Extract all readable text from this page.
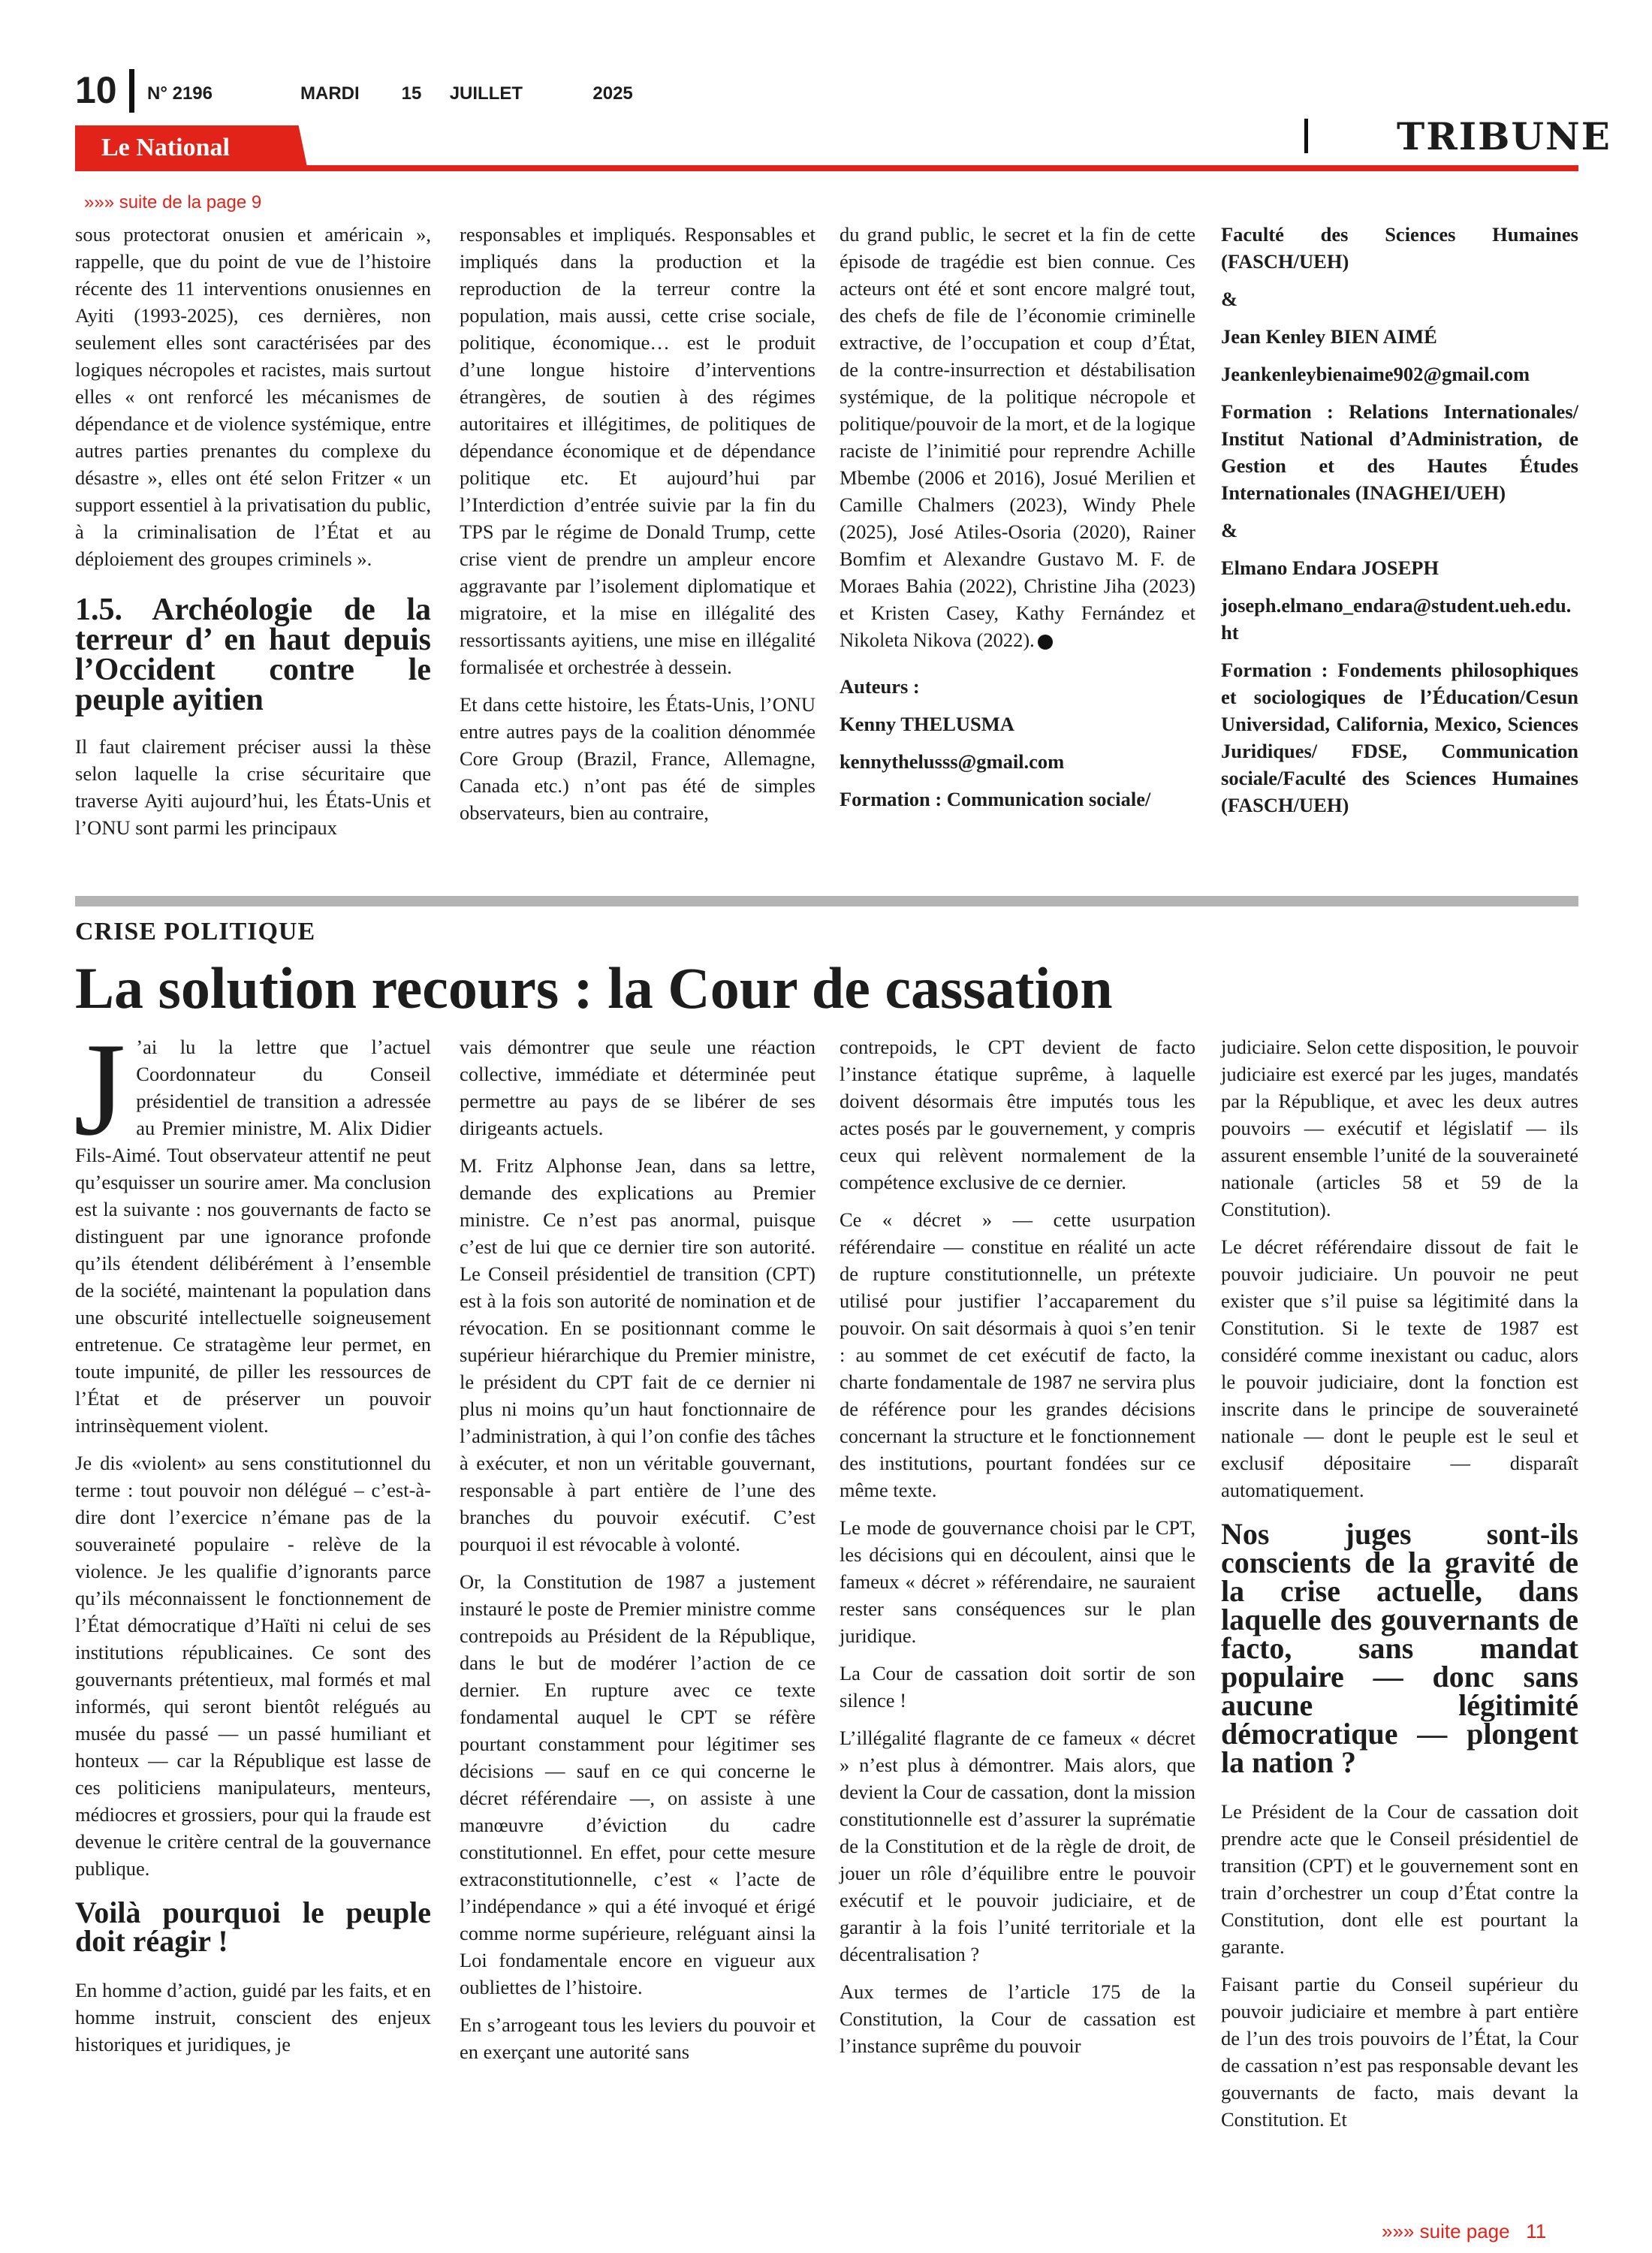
10 N° 2196	MARDI   15  JUILLET     2025
TRIBUNE
Le National
»»» suite de la page 9

sous protectorat onusien et américain », rappelle, que du point de vue de l’histoire récente des 11 interventions onusiennes en Ayiti (1993-2025), ces dernières, non seulement elles sont caractérisées par des logiques nécropoles et racistes, mais surtout elles « ont renforcé les mécanismes de dépendance et de violence systémique, entre autres parties prenantes du complexe du désastre », elles ont été selon Fritzer « un support essentiel à la privatisation du public, à la criminalisation de l’État et au déploiement des groupes criminels ».

1.5. Archéologie de la terreur d’ en haut depuis l’Occident contre le peuple ayitien

Il faut clairement préciser aussi la thèse selon laquelle la crise sécuritaire que traverse Ayiti aujourd’hui, les États-Unis et l’ONU sont parmi les principaux

responsables et impliqués. Responsables et impliqués dans la production et la reproduction de la terreur contre la population, mais aussi, cette crise sociale, politique, économique… est le produit d’une longue histoire d’interventions étrangères, de soutien à des régimes autoritaires et illégitimes, de politiques de dépendance économique et de dépendance politique etc. Et aujourd’hui par l’Interdiction d’entrée suivie par la fin du TPS par le régime de Donald Trump, cette crise vient de prendre un ampleur encore aggravante par l’isolement diplomatique et migratoire, et la mise en illégalité des ressortissants ayitiens, une mise en illégalité formalisée et orchestrée à dessein.

Et dans cette histoire, les États-Unis, l’ONU entre autres pays de la coalition dénommée Core Group (Brazil, France, Allemagne, Canada etc.) n’ont pas été de simples observateurs, bien au contraire,

du grand public, le secret et la fin de cette épisode de tragédie est bien connue. Ces acteurs ont été et sont encore malgré tout, des chefs de file de l’économie criminelle extractive, de l’occupation et coup d’État, de la contre-insurrection et déstabilisation systémique, de la politique nécropole et politique/pouvoir de la mort, et de la logique raciste de l’inimitié pour reprendre Achille Mbembe (2006 et 2016), Josué Merilien et Camille Chalmers (2023), Windy Phele (2025), José Atiles-Osoria (2020), Rainer Bomfim et Alexandre Gustavo M. F. de Moraes Bahia (2022), Christine Jiha (2023) et Kristen Casey, Kathy Fernández et Nikoleta Nikova (2022).

Auteurs :
Kenny THELUSMA
kennythelusss@gmail.com
Formation : Communication sociale/
Faculté des Sciences Humaines (FASCH/UEH)
&
Jean Kenley BIEN AIMÉ
Jeankenleybienaime902@gmail.com
Formation : Relations Internationales/ Institut National d’Administration, de Gestion et des Hautes Études Internationales (INAGHEI/UEH)
&
Elmano Endara JOSEPH
joseph.elmano_endara@student.ueh.edu.ht
Formation : Fondements philosophiques et sociologiques de l’Éducation/Cesun Universidad, California, Mexico, Sciences Juridiques/ FDSE, Communication sociale/Faculté des Sciences Humaines (FASCH/UEH)
CRISE POLITIQUE
La solution recours : la Cour de cassation

J ’ai lu la lettre que l’actuel Coordonnateur du Conseil présidentiel de transition a adressée au Premier ministre, M. Alix Didier Fils-Aimé. Tout observateur attentif ne peut qu’esquisser un sourire amer. Ma conclusion est la suivante : nos gouvernants de facto se distinguent par une ignorance profonde qu’ils étendent délibérément à l’ensemble de la société, maintenant la population dans une obscurité intellectuelle soigneusement entretenue. Ce stratagème leur permet, en toute impunité, de piller les ressources de l’État et de préserver un pouvoir intrinsèquement violent.

Je dis «violent» au sens constitutionnel du terme : tout pouvoir non délégué – c’est-à-dire dont l’exercice n’émane pas de la souveraineté populaire - relève de la violence. Je les qualifie d’ignorants parce qu’ils méconnaissent le fonctionnement de l’État démocratique d’Haïti ni celui de ses institutions républicaines. Ce sont des gouvernants prétentieux, mal formés et mal informés, qui seront bientôt relégués au musée du passé — un passé humiliant et honteux — car la République est lasse de ces politiciens manipulateurs, menteurs, médiocres et grossiers, pour qui la fraude est devenue le critère central de la gouvernance publique.

Voilà pourquoi le peuple doit réagir !

En homme d’action, guidé par les faits, et en homme instruit, conscient des enjeux historiques et juridiques, je

vais démontrer que seule une réaction collective, immédiate et déterminée peut permettre au pays de se libérer de ses dirigeants actuels.

M. Fritz Alphonse Jean, dans sa lettre, demande des explications au Premier ministre. Ce n’est pas anormal, puisque c’est de lui que ce dernier tire son autorité. Le Conseil présidentiel de transition (CPT) est à la fois son autorité de nomination et de révocation. En se positionnant comme le supérieur hiérarchique du Premier ministre, le président du CPT fait de ce dernier ni plus ni moins qu’un haut fonctionnaire de l’administration, à qui l’on confie des tâches à exécuter, et non un véritable gouvernant, responsable à part entière de l’une des branches du pouvoir exécutif. C’est pourquoi il est révocable à volonté.

Or, la Constitution de 1987 a justement instauré le poste de Premier ministre comme contrepoids au Président de la République, dans le but de modérer l’action de ce dernier. En rupture avec ce texte fondamental auquel le CPT se réfère pourtant constamment pour légitimer ses décisions — sauf en ce qui concerne le décret référendaire —, on assiste à une manœuvre d’éviction du cadre constitutionnel. En effet, pour cette mesure extraconstitutionnelle, c’est « l’acte de l’indépendance » qui a été invoqué et érigé comme norme supérieure, reléguant ainsi la Loi fondamentale encore en vigueur aux oubliettes de l’histoire.

En s’arrogeant tous les leviers du pouvoir et en exerçant une autorité sans

contrepoids, le CPT devient de facto l’instance étatique suprême, à laquelle doivent désormais être imputés tous les actes posés par le gouvernement, y compris ceux qui relèvent normalement de la compétence exclusive de ce dernier.

Ce « décret » — cette usurpation référendaire — constitue en réalité un acte de rupture constitutionnelle, un prétexte utilisé pour justifier l’accaparement du pouvoir. On sait désormais à quoi s’en tenir : au sommet de cet exécutif de facto, la charte fondamentale de 1987 ne servira plus de référence pour les grandes décisions concernant la structure et le fonctionnement des institutions, pourtant fondées sur ce même texte.

Le mode de gouvernance choisi par le CPT, les décisions qui en découlent, ainsi que le fameux « décret » référendaire, ne sauraient rester sans conséquences sur le plan juridique.

La Cour de cassation doit sortir de son silence !

L’illégalité flagrante de ce fameux « décret » n’est plus à démontrer. Mais alors, que devient la Cour de cassation, dont la mission constitutionnelle est d’assurer la suprématie de la Constitution et de la règle de droit, de jouer un rôle d’équilibre entre le pouvoir exécutif et le pouvoir judiciaire, et de garantir à la fois l’unité territoriale et la décentralisation ?

Aux termes de l’article 175 de la Constitution, la Cour de cassation est l’instance suprême du pouvoir

judiciaire. Selon cette disposition, le pouvoir judiciaire est exercé par les juges, mandatés par la République, et avec les deux autres pouvoirs — exécutif et législatif — ils assurent ensemble l’unité de la souveraineté nationale (articles 58 et 59 de la Constitution).

Le décret référendaire dissout de fait le pouvoir judiciaire. Un pouvoir ne peut exister que s’il puise sa légitimité dans la Constitution. Si le texte de 1987 est considéré comme inexistant ou caduc, alors le pouvoir judiciaire, dont la fonction est inscrite dans le principe de souveraineté nationale — dont le peuple est le seul et exclusif dépositaire — disparaît automatiquement.

Nos juges sont-ils conscients de la gravité de la crise actuelle, dans laquelle des gouvernants de facto, sans mandat populaire — donc sans aucune légitimité démocratique — plongent la nation ?

Le Président de la Cour de cassation doit prendre acte que le Conseil présidentiel de transition (CPT) et le gouvernement sont en train d’orchestrer un coup d’État contre la Constitution, dont elle est pourtant la garante.

Faisant partie du Conseil supérieur du pouvoir judiciaire et membre à part entière de l’un des trois pouvoirs de l’État, la Cour de cassation n’est pas responsable devant les gouvernants de facto, mais devant la Constitution. Et

»»» suite page   11
